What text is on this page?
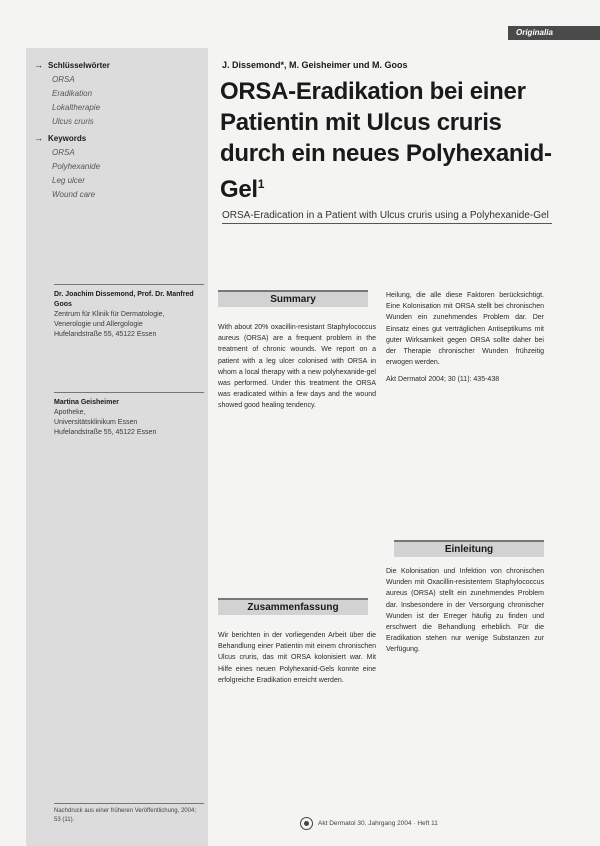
Originalia
→ Schlüsselwörter
ORSA
Eradikation
Lokaltherapie
Ulcus cruris
→ Keywords
ORSA
Polyhexanide
Leg ulcer
Wound care
J. Dissemond*, M. Geisheimer und M. Goos
ORSA-Eradikation bei einer Patientin mit Ulcus cruris durch ein neues Polyhexanid-Gel$^1$
ORSA-Eradication in a Patient with Ulcus cruris using a Polyhexanide-Gel
Dr. Joachim Dissemond, Prof. Dr. Manfred Goos
Zentrum für Klinik für Dermatologie,
Venerologie und Allergologie
Hufelandstraße 55, 45122 Essen
Martina Geisheimer
Apotheke,
Universitätsklinikum Essen
Hufelandstraße 55, 45122 Essen
Summary

With about 20% oxacillin-resistant Staphylococcus aureus (ORSA) are a frequent problem in the treatment of chronic wounds. We report on a patient with a leg ulcer colonised with ORSA in whom a local therapy with a new polyhexanide-gel was performed. Under this treatment the ORSA was eradicated within a few days and the wound showed good healing tendency.

Zusammenfassung

Wir berichten in der vorliegenden Arbeit über die Behandlung einer Patientin mit einem chronischen Ulcus cruris, das mit ORSA kolonisiert war. Mit Hilfe eines neuen Polyhexanid-Gels konnte eine erfolgreiche Eradikation erreicht werden.

Heilung, die alle diese Faktoren berücksichtigt. Eine Kolonisation mit ORSA stellt bei chronischen Wunden ein zunehmendes Problem dar. Der Einsatz eines gut verträglichen Antiseptikums mit guter Wirksamkeit gegen ORSA sollte daher bei der Therapie chronischer Wunden frühzeitig erwogen werden.

Akt Dermatol 2004; 30 (11): 435-438

Einleitung

Die Kolonisation und Infektion von chronischen Wunden mit Oxacillin-resistentem Staphylococcus aureus (ORSA) stellt ein zunehmendes Problem dar. Insbesondere in der Versorgung chronischer Wunden ist der Erreger häufig zu finden und erschwert die Behandlung erheblich. Für die Eradikation stehen nur wenige Substanzen zur Verfügung.

Nachdruck aus einer früheren Veröffentlichung, 2004; 53 (11).	Akt Dermatol 30. Jahrgang 2004 · Heft 11
